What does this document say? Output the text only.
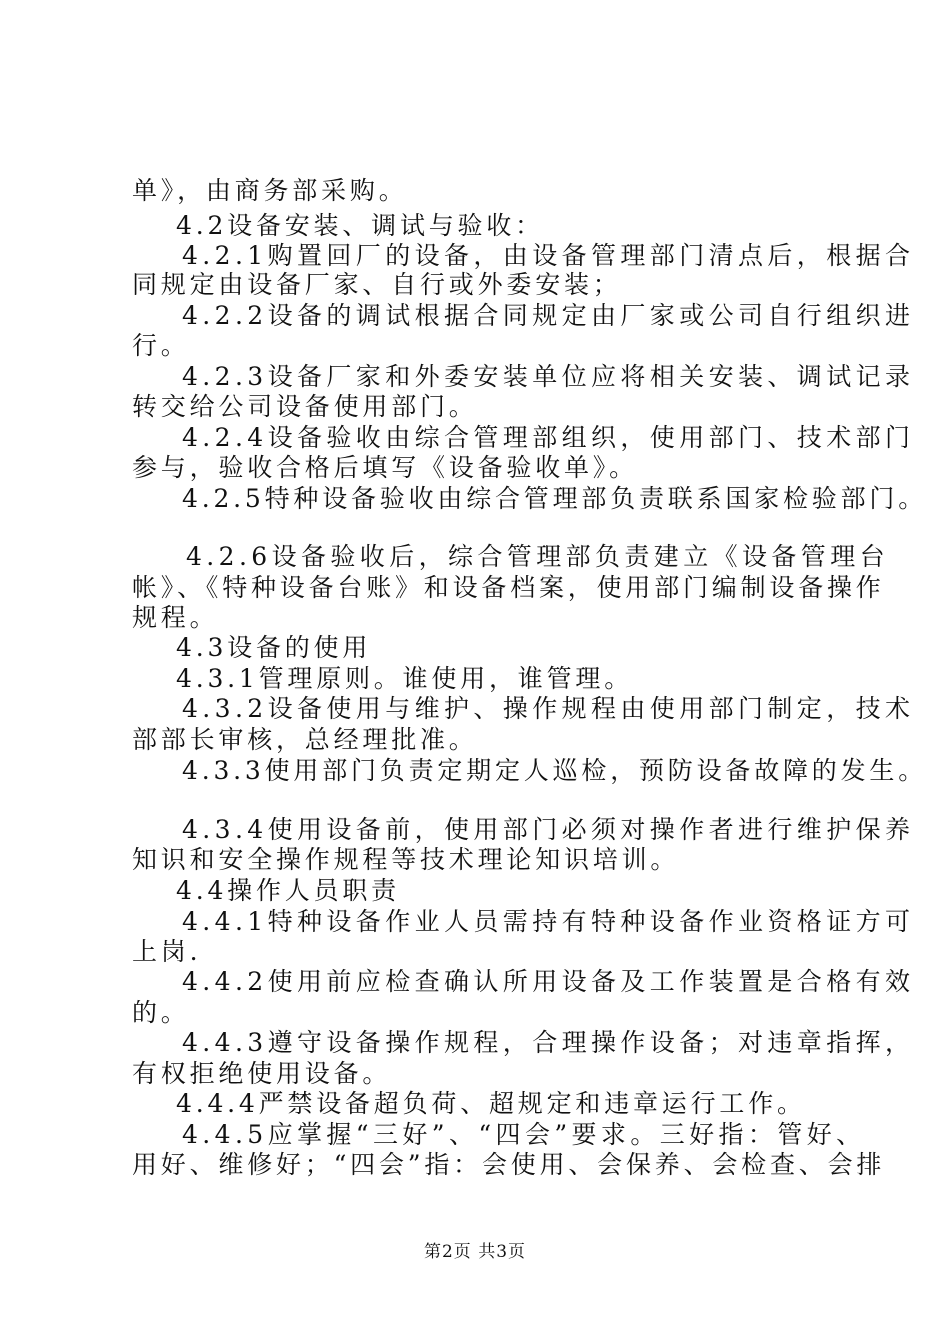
单》，由商务部采购。
4.2设备安装、调试与验收：
4.2.1购置回厂的设备，由设备管理部门清点后，根据合
同规定由设备厂家、自行或外委安装；
4.2.2设备的调试根据合同规定由厂家或公司自行组织进
行。
4.2.3设备厂家和外委安装单位应将相关安装、调试记录
转交给公司设备使用部门。
4.2.4设备验收由综合管理部组织，使用部门、技术部门
参与，验收合格后填写《设备验收单》。
4.2.5特种设备验收由综合管理部负责联系国家检验部门。
4.2.6设备验收后，综合管理部负责建立《设备管理台
帐》、《特种设备台账》和设备档案，使用部门编制设备操作
规程。
4.3设备的使用
4.3.1管理原则。谁使用，谁管理。
4.3.2设备使用与维护、操作规程由使用部门制定，技术
部部长审核，总经理批准。
4.3.3使用部门负责定期定人巡检，预防设备故障的发生。
4.3.4使用设备前，使用部门必须对操作者进行维护保养
知识和安全操作规程等技术理论知识培训。
4.4操作人员职责
4.4.1特种设备作业人员需持有特种设备作业资格证方可
上岗.
4.4.2使用前应检查确认所用设备及工作装置是合格有效
的。
4.4.3遵守设备操作规程，合理操作设备；对违章指挥，
有权拒绝使用设备。
4.4.4严禁设备超负荷、超规定和违章运行工作。
4.4.5应掌握“三好”、“四会”要求。三好指：管好、
用好、维修好；“四会”指：会使用、会保养、会检查、会排
第2页 共3页
